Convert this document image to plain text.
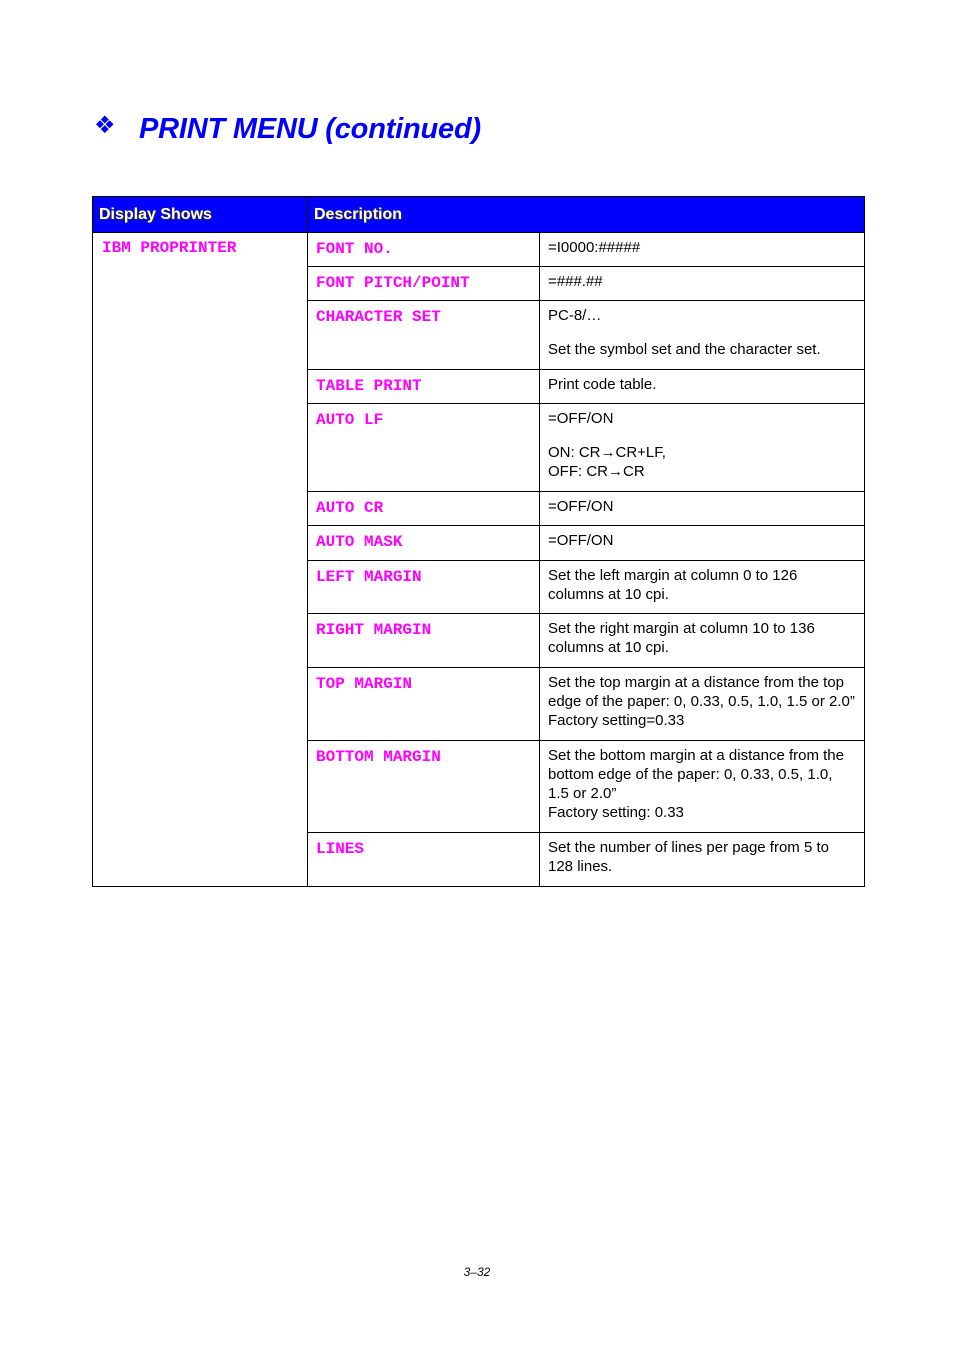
❖ PRINT MENU (continued)
Display Shows	Description	
IBM PROPRINTER	FONT NO.	=I0000:#####

	FONT PITCH/POINT	=###.##

	CHARACTER SET	PC-8/…

Set the symbol set and the character set.

	TABLE PRINT	Print code table.

	AUTO LF	=OFF/ON

ON: CR→CR+LF,
OFF: CR→CR

	AUTO CR	=OFF/ON

	AUTO MASK	=OFF/ON

	LEFT MARGIN	Set the left margin at column 0 to 126 columns at 10 cpi.

	RIGHT MARGIN	Set the right margin at column 10 to 136 columns at 10 cpi.

	TOP MARGIN	Set the top margin at a distance from the top edge of the paper: 0, 0.33, 0.5, 1.0, 1.5 or 2.0”
Factory setting=0.33

	BOTTOM MARGIN	Set the bottom margin at a distance from the bottom edge of the paper: 0, 0.33, 0.5, 1.0, 1.5 or 2.0”
Factory setting: 0.33

	LINES	Set the number of lines per page from 5 to 128 lines.

3–32
